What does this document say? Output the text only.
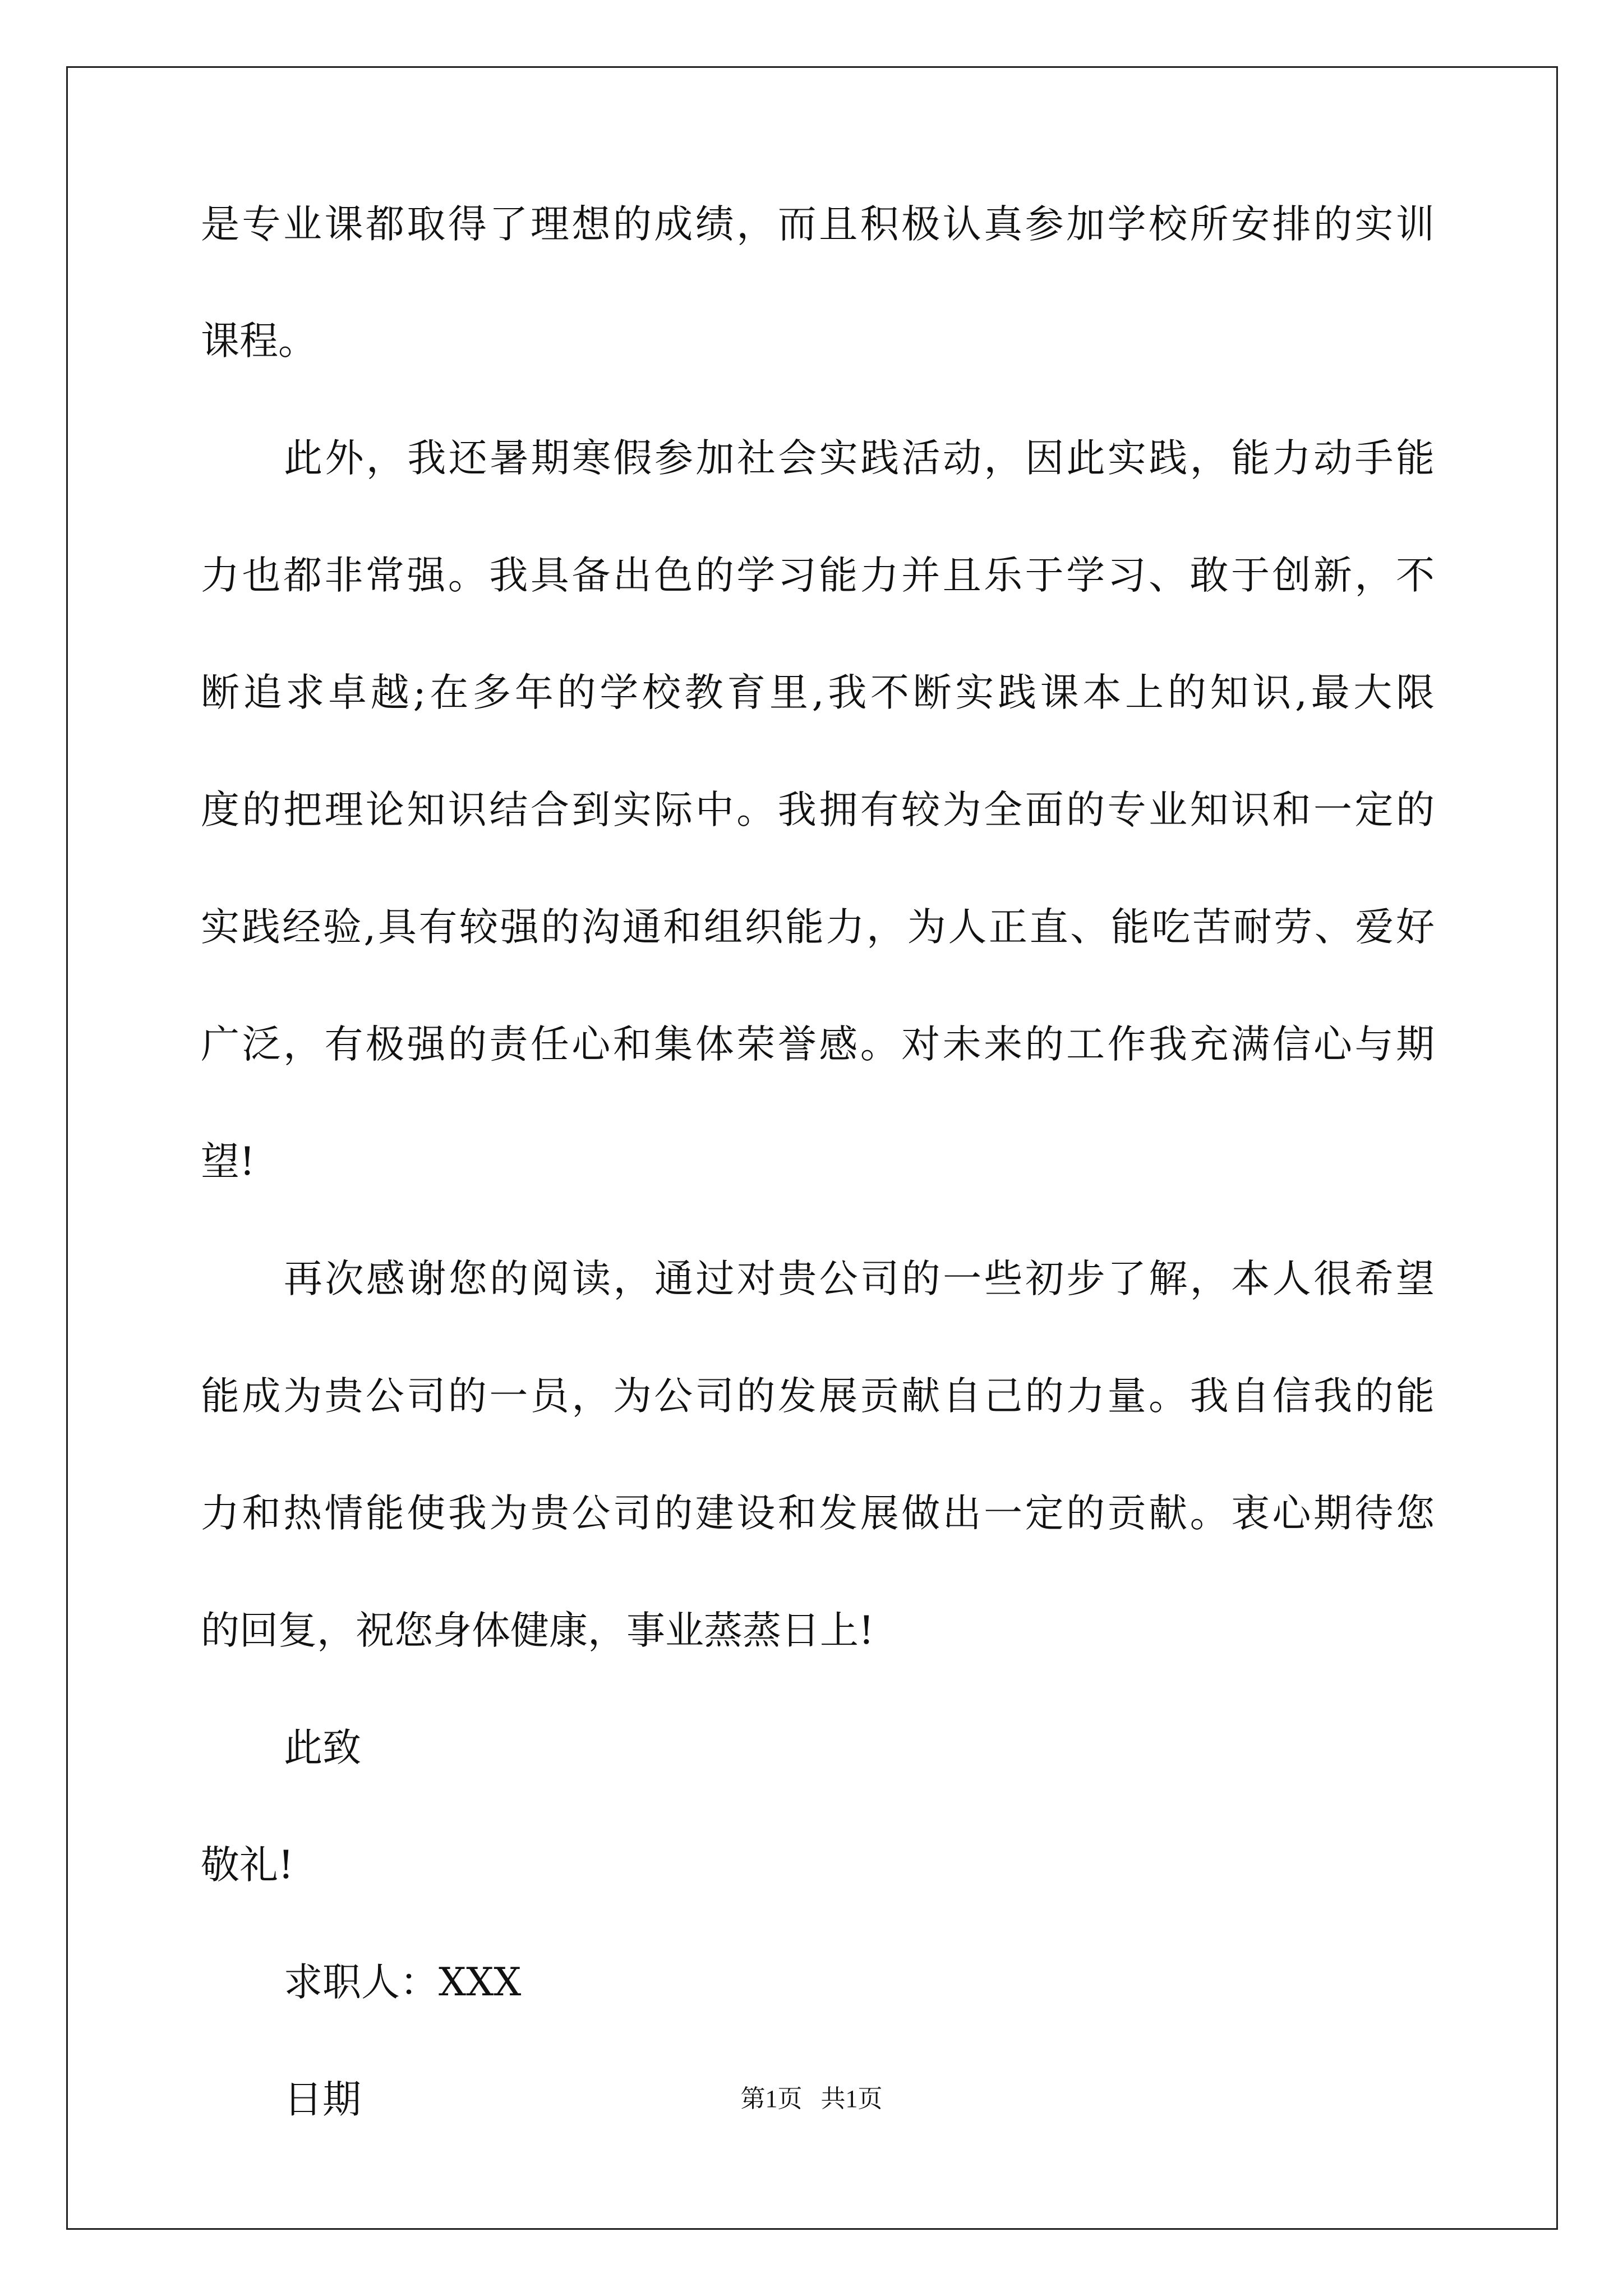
是专业课都取得了理想的成绩，而且积极认真参加学校所安排的实训
课程。
此外，我还暑期寒假参加社会实践活动，因此实践，能力动手能
力也都非常强。我具备出色的学习能力并且乐于学习、敢于创新，不
断追求卓越;在多年的学校教育里,我不断实践课本上的知识,最大限
度的把理论知识结合到实际中。我拥有较为全面的专业知识和一定的
实践经验,具有较强的沟通和组织能力，为人正直、能吃苦耐劳、爱好
广泛，有极强的责任心和集体荣誉感。对未来的工作我充满信心与期
望!
再次感谢您的阅读，通过对贵公司的一些初步了解，本人很希望
能成为贵公司的一员，为公司的发展贡献自己的力量。我自信我的能
力和热情能使我为贵公司的建设和发展做出一定的贡献。衷心期待您
的回复，祝您身体健康，事业蒸蒸日上!
此致
敬礼!
求职人：XXX
日期	第1页   共1页
